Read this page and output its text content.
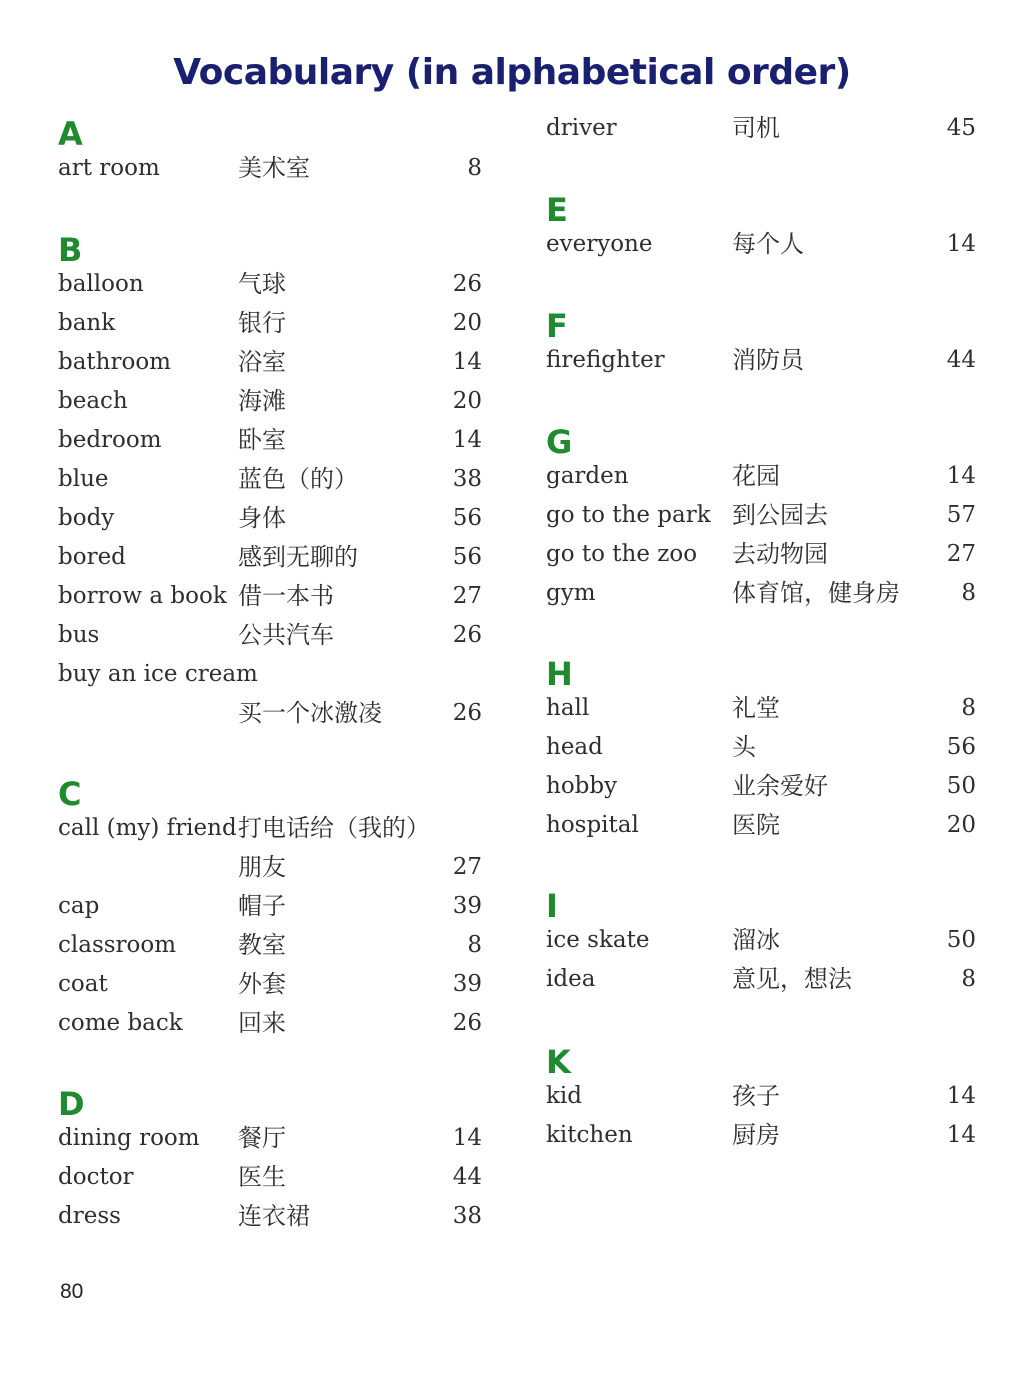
Vocabulary (in alphabetical order)
A
art room	美术室	8
B
balloon	气球	26
bank	银行	20
bathroom	浴室	14
beach	海滩	20
bedroom	卧室	14
blue	蓝色（的）	38
body	身体	56
bored	感到无聊的	56
borrow a book 借一本书	27
bus	公共汽车	26
buy an ice cream
买一个冰激凌	26
C
call (my) friend 打电话给（我的）
朋友	27
cap	帽子	39
classroom	教室	8
coat	外套	39
come back 回来	26
D
dining room 餐厅	14
doctor	医生	44
dress	连衣裙	38
driver	司机	45
E
everyone	每个人	14
F
firefighter	消防员	44
G
garden	花园	14
go to the park 到公园去	57
go to the zoo 去动物园	27
gym	体育馆，健身房	8
H
hall	礼堂	8
head	头	56
hobby	业余爱好	50
hospital	医院	20
I
ice skate	溜冰	50
idea	意见，想法	8
K
kid	孩子	14
kitchen	厨房	14
80
